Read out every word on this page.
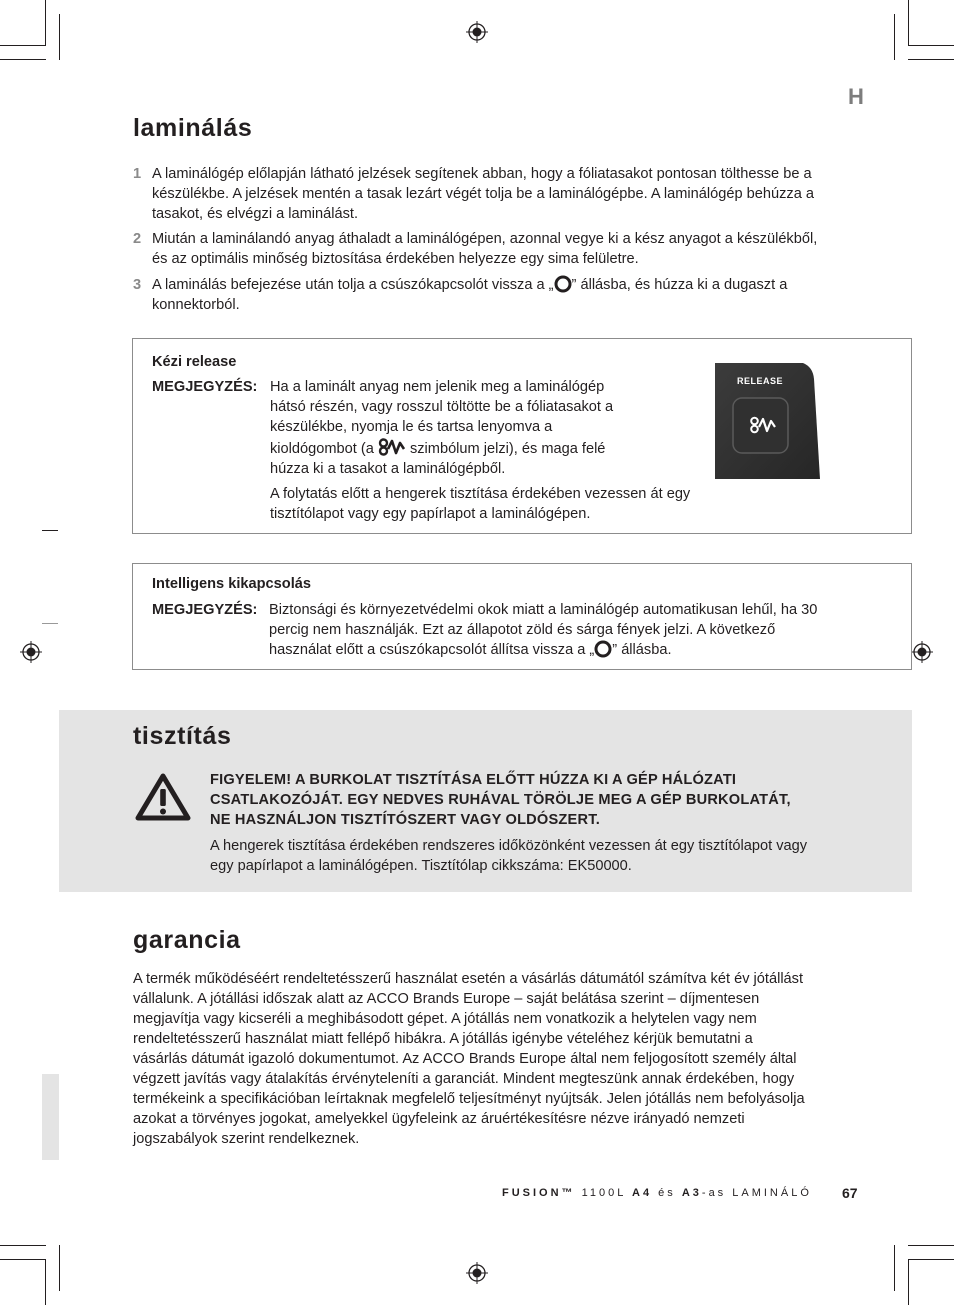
H
laminálás
1 A laminálógép előlapján látható jelzések segítenek abban, hogy a fóliatasakot pontosan tölthesse be a készülékbe. A jelzések mentén a tasak lezárt végét tolja be a laminálógépbe. A laminálógép behúzza a tasakot, és elvégzi a laminálást.
2 Miután a laminálandó anyag áthaladt a laminálógépen, azonnal vegye ki a kész anyagot a készülékből, és az optimális minőség biztosítása érdekében helyezze egy sima felületre.
3 A laminálás befejezése után tolja a csúszókapcsolót vissza a „ ” állásba, és húzza ki a dugaszt a konnektorból.
Kézi release
MEGJEGYZÉS: Ha a laminált anyag nem jelenik meg a laminálógép hátsó részén, vagy rosszul töltötte be a fóliatasakot a készülékbe, nyomja le és tartsa lenyomva a kioldógombot (a  szimbólum jelzi), és maga felé húzza ki a tasakot a laminálógépből.
A folytatás előtt a hengerek tisztítása érdekében vezessen át egy tisztítólapot vagy egy papírlapot a laminálógépen.
RELEASE
Intelligens kikapcsolás
MEGJEGYZÉS: Biztonsági és környezetvédelmi okok miatt a laminálógép automatikusan lehűl, ha 30 percig nem használják. Ezt az állapotot zöld és sárga fények jelzi. A következő használat előtt a csúszókapcsolót állítsa vissza a „ ” állásba.
tisztítás
FIGYELEM! A BURKOLAT TISZTÍTÁSA ELŐTT HÚZZA KI A GÉP HÁLÓZATI CSATLAKOZÓJÁT. EGY NEDVES RUHÁVAL TÖRÖLJE MEG A GÉP BURKOLATÁT, NE HASZNÁLJON TISZTÍTÓSZERT VAGY OLDÓSZERT.
A hengerek tisztítása érdekében rendszeres időközönként vezessen át egy tisztítólapot vagy egy papírlapot a laminálógépen. Tisztítólap cikkszáma: EK50000.
garancia
A termék működéséért rendeltetésszerű használat esetén a vásárlás dátumától számítva két év jótállást vállalunk. A jótállási időszak alatt az ACCO Brands Europe – saját belátása szerint – díjmentesen megjavítja vagy kicseréli a meghibásodott gépet. A jótállás nem vonatkozik a helytelen vagy nem rendeltetésszerű használat miatt fellépő hibákra. A jótállás igénybe vételéhez kérjük bemutatni a vásárlás dátumát igazoló dokumentumot. Az ACCO Brands Europe által nem feljogosított személy által végzett javítás vagy átalakítás érvényteleníti a garanciát. Mindent megteszünk annak érdekében, hogy termékeink a specifikációban leírtaknak megfelelő teljesítményt nyújtsák. Jelen jótállás nem befolyásolja azokat a törvényes jogokat, amelyekkel ügyfeleink az áruértékesítésre nézve irányadó nemzeti jogszabályok szerint rendelkeznek.
FUSION™ 1100L A4 és A3-as LAMINÁLÓ 67
